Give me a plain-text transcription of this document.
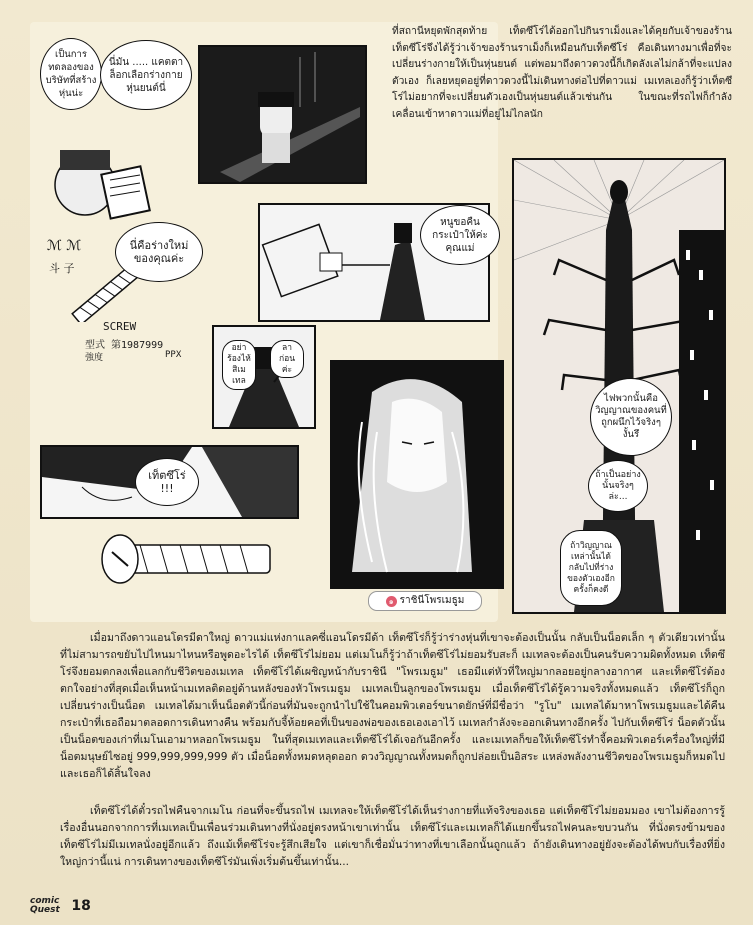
ที่สถานีหยุดพักสุดท้าย เท็ตซึโร่ได้ออกไปกินราเม็งและได้คุยกับเจ้าของร้าน เท็ตซึโร่จึงได้รู้ว่าเจ้าของร้านราเม็งก็เหมือนกับเท็ตซึโร่ คือเดินทางมาเพื่อที่จะเปลี่ยนร่างกายให้เป็นหุ่นยนต์ แต่พอมาถึงดาวดวงนี้ก็เกิดลังเลไม่กล้าที่จะแปลงตัวเอง ก็เลยหยุดอยู่ที่ดาวดวงนี้ไม่เดินทางต่อไปที่ดาวแม่ เมเทลเองก็รู้ว่าเท็ตซึโร่ไม่อยากที่จะเปลี่ยนตัวเองเป็นหุ่นยนต์แล้วเช่นกัน ในขณะที่รถไฟก็กำลังเคลื่อนเข้าหาดาวแม่ที่อยู่ไม่ไกลนัก
เป็นการทดลองของบริษัทที่สร้างหุ่นน่ะ
นี่มัน ..... แคตตาล็อกเลือกร่างกายหุ่นยนต์นี่
หนูขอคืนกระเป๋าให้ค่ะคุณแม่
ℳ ℳ
斗 子
SCREW
型式 第1987999
強度	PPX
นี่คือร่างใหม่ของคุณค่ะ
อย่าร้องไห้สิเมเทล
ลาก่อนค่ะ
๑ ราชินีโพรเมธูม
เท็ตซึโร่ !!!
ไฟพวกนั้นคือวิญญาณของคนที่ถูกผนึกไว้จริงๆ งั้นรึ
ถ้าเป็นอย่างนั้นจริงๆล่ะ...
ถ้าวิญญาณเหล่านั้นได้กลับไปที่ร่างของตัวเองอีกครั้งก็คงดี
เมื่อมาถึงดาวแอนโดรมีดาใหญ่ ดาวแม่แห่งกาแลคซี่แอนโดรมีด้า เท็ตซึโร่ก็รู้ว่าร่างหุ่นที่เขาจะต้องเป็นนั้น กลับเป็นน็อตเล็ก ๆ ตัวเดียวเท่านั้นที่ไม่สามารถขยับไปไหนมาไหนหรือพูดอะไรได้ เท็ตซึโร่ไม่ยอม แต่เมโนก็รู้ว่าถ้าเท็ตซึโร่ไม่ยอมรับสะก็ เมเทลจะต้องเป็นคนรับความผิดทั้งหมด เท็ตซึโร่จึงยอมตกลงเพื่อแลกกับชีวิตของเมเทล เท็ตซึโร่ได้เผชิญหน้ากับราชินี "โพรเมธูม" เธอมีแต่หัวที่ใหญ่มากลอยอยู่กลางอากาศ และเท็ตซึโร่ต้องตกใจอย่างที่สุดเมื่อเห็นหน้าเมเทลติดอยู่ด้านหลังของหัวโพรเมธูม เมเทลเป็นลูกของโพรเมธูม เมื่อเท็ตซึโร่ได้รู้ความจริงทั้งหมดแล้ว เท็ตซึโร่ก็ถูกเปลี่ยนร่างเป็นน็อต เมเทลได้มาเห็นน็อตตัวนี้ก่อนที่มันจะถูกนำไปใช้ในคอมพิวเตอร์ขนาดยักษ์ที่มีชื่อว่า "รูโบ" เมเทลได้มาหาโพรเมธูมและได้คืนกระเป๋าที่เธอถือมาตลอดการเดินทางคืน พร้อมกับจี้ห้อยคอที่เป็นของพ่อของเธอเองเอาไว้ เมเทลกำลังจะออกเดินทางอีกครั้ง ไปกับเท็ตซึโร่ น็อตตัวนั้นเป็นน็อตของเก่าที่เมโนเอามาหลอกโพรเมธูม ในที่สุดเมเทลและเท็ตซึโร่ได้เจอกันอีกครั้ง และเมเทลก็ขอให้เท็ตซึโร่ทำจี้คอมพิวเตอร์เครื่องใหญ่ที่มีน็อตมนุษย์ไซอยู่ 999,999,999,999 ตัว เมื่อน็อตทั้งหมดหลุดออก ดวงวิญญาณทั้งหมดก็ถูกปล่อยเป็นอิสระ แหล่งพลังงานชีวิตของโพรเมธูมก็หมดไป และเธอก็ได้สิ้นใจลง
เท็ตซึโร่ได้ตั๋วรถไฟคืนจากเมโน ก่อนที่จะขึ้นรถไฟ เมเทลจะให้เท็ตซึโร่ได้เห็นร่างกายที่แท้จริงของเธอ แต่เท็ตซึโร่ไม่ยอมมอง เขาไม่ต้องการรู้เรื่องอื่นนอกจากการที่เมเทลเป็นเพื่อนร่วมเดินทางที่นั่งอยู่ตรงหน้าเขาเท่านั้น เท็ตซึโร่และเมเทลก็ได้แยกขึ้นรถไฟคนละขบวนกัน ที่นั่งตรงข้ามของเท็ตซึโร่ไม่มีเมเทลนั่งอยู่อีกแล้ว ถึงแม้เท็ตซึโร่จะรู้สึกเสียใจ แต่เขาก็เชื่อมั่นว่าทางที่เขาเลือกนั้นถูกแล้ว ถ้ายังเดินทางอยู่ยังจะต้องได้พบกับเรื่องที่ยิ่งใหญ่กว่านี้แน่ การเดินทางของเท็ตซึโร่มันเพิ่งเริ่มต้นขึ้นเท่านั้น...
comic
Quest 18
